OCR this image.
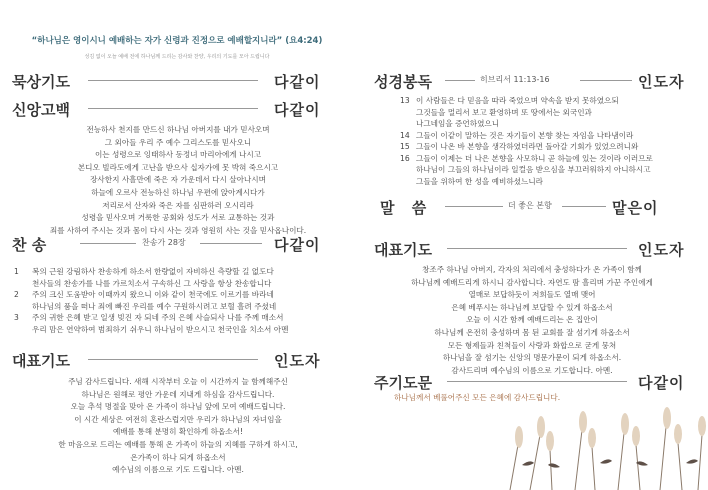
“하나님은 영이시니 예배하는 자가 신령과 진정으로 예배할지니라” (요4:24)
성김 없이 오늘 예배 전에 하나님께 드리는 감사와 찬양, 우리의 기도를 모아 드립니다
묵상기도	다같이
신앙고백	다같이
전능하사 천지를 만드신 하나님 아버지를 내가 믿사오며
그 외아들 우리 주 예수 그리스도를 믿사오니
이는 성령으로 잉태하사 동정녀 마리아에게 나시고
본디오 빌라도에게 고난을 받으사 십자가에 못 박혀 죽으시고
장사한지 사흘만에 죽은 자 가운데서 다시 살아나시며
하늘에 오르사 전능하신 하나님 우편에 앉아계시다가
저리로서 산자와 죽은 자를 심판하러 오시리라
성령을 믿사오며 거룩한 공회와 성도가 서로 교통하는 것과
죄를 사하여 주시는 것과 몸이 다시 사는 것과 영원히 사는 것을 믿사옵나이다.
찬 송	찬송가 28장	다같이
1	복의 근원 강림하사 찬송하게 하소서 한량없이 자비하신 측량할 길 없도다
천사들의 찬송가를 나를 가르치소서 구속하신 그 사랑을 항상 찬송합니다
2	주의 크신 도움받아 이때까지 왔으니 이와 같이 천국에도 이르기를 바라네
하나님의 품을 떠나 죄에 빠진 우리를 예수 구원하시려고 보혈 흘려 주셨네
3	주의 귀한 은혜 받고 일생 빚진 자 되네 주의 은혜 사슬되사 나를 주께 매소서
우리 맘은 연약하여 범죄하기 쉬우니 하나님이 받으시고 천국인을 치소서 아멘
대표기도	인도자
주님 감사드립니다. 새해 시작부터 오늘 이 시간까지 늘 함께해주신
하나님은 원해로 평안 가운데 지내게 하심을 감사드립니다.
오늘 추석 명절을 맞아 온 가족이 하나님 앞에 모여 예배드립니다.
이 시간 세상은 여전히 혼란스럽지만 우리가 하나님의 자녀임을
예배를 통해 분명히 확인하게 하옵소서!
한 마음으로 드리는 예배를 통해 온 가족이 하늘의 지혜를 구하게 하시고,
온가족이 하나 되게 하옵소서
예수님의 이름으로 기도 드립니다. 아멘.
성경봉독	히브리서 11:13-16	인도자
13 이 사람들은 다 믿음을 따라 죽었으며 약속을 받지 못하였으되
그것들을 멀리서 보고 환영하며 또 땅에서는 외국인과
나그네임을 증언하였으니
14 그들이 이같이 말하는 것은 자기들이 본향 찾는 자임을 나타냄이라
15 그들이 나온 바 본향을 생각하였더라면 돌아갈 기회가 있었으려니와
16 그들이 이제는 더 나은 본향을 사모하니 곧 하늘에 있는 것이라 이러므로
하나님이 그들의 하나님이라 일컬음 받으심을 부끄러워하지 아니하시고
그들을 위하여 한 성을 예비하셨느니라
말 씀	더 좋은 본향	맡은이
대표기도	인도자
창조주 하나님 아버지, 각자의 처리에서 충성하다가 온 가족이 함께
하나님께 예배드리게 하시니 감사합니다. 자연도 땀 흘리며 가꾼 주인에게
열매로 보답하듯이 저희들도 열매 맺어
은혜 베푸시는 하나님께 보답할 수 있게 하옵소서
오늘 이 시간 함께 예배드리는 온 집안이
하나님께 온전히 충성하며 몸 된 교회를 잘 섬기게 하옵소서
모든 형제들과 친척들이 사랑과 화합으로 굳게 뭉쳐
하나님을 잘 섬기는 신앙의 명문가문이 되게 하옵소서.
감사드리며 예수님의 이름으로 기도합니다. 아멘.
주기도문	다같이
하나님께서 베풀어주신 모든 은혜에 감사드립니다.
